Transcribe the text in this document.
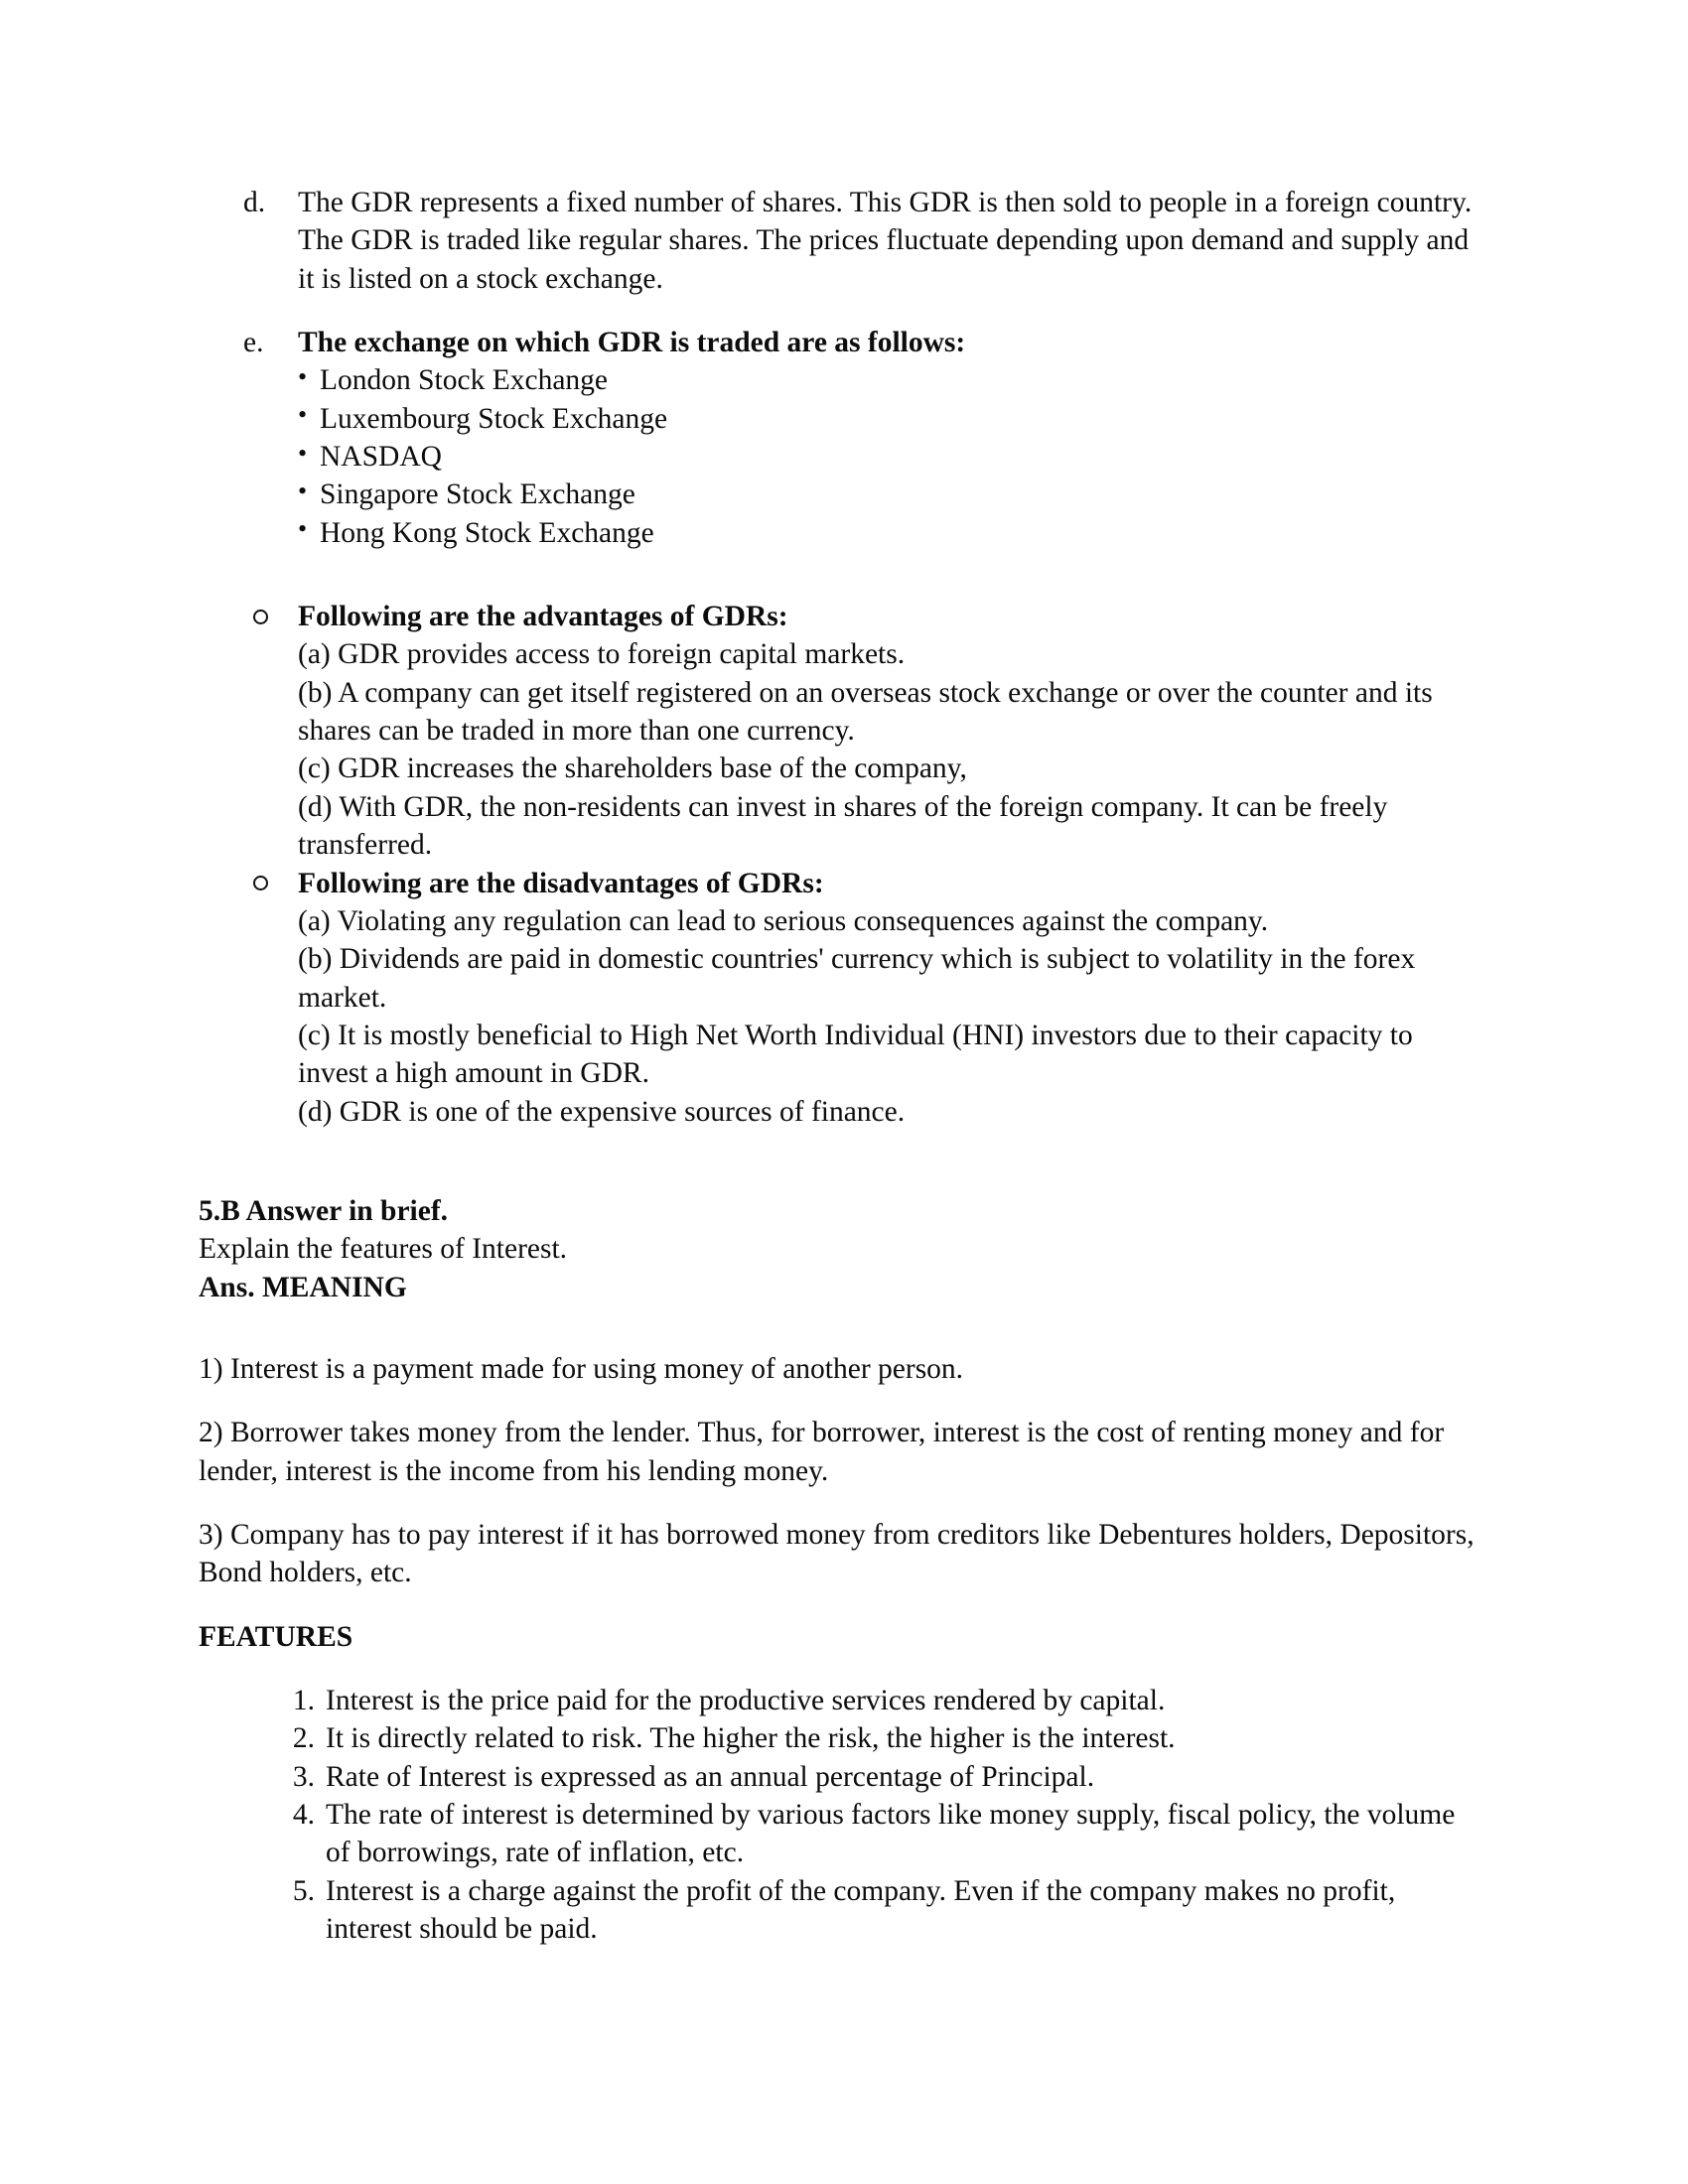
d.	The GDR represents a fixed number of shares. This GDR is then sold to people in a foreign country. The GDR is traded like regular shares. The prices fluctuate depending upon demand and supply and it is listed on a stock exchange.
e.	The exchange on which GDR is traded are as follows:
• London Stock Exchange
• Luxembourg Stock Exchange
• NASDAQ
• Singapore Stock Exchange
• Hong Kong Stock Exchange
Following are the advantages of GDRs:
(a) GDR provides access to foreign capital markets.
(b) A company can get itself registered on an overseas stock exchange or over the counter and its shares can be traded in more than one currency.
(c) GDR increases the shareholders base of the company,
(d) With GDR, the non-residents can invest in shares of the foreign company. It can be freely transferred.
Following are the disadvantages of GDRs:
(a) Violating any regulation can lead to serious consequences against the company.
(b) Dividends are paid in domestic countries' currency which is subject to volatility in the forex market.
(c) It is mostly beneficial to High Net Worth Individual (HNI) investors due to their capacity to invest a high amount in GDR.
(d) GDR is one of the expensive sources of finance.

5.B Answer in brief.

Explain the features of Interest.

Ans. MEANING

1) Interest is a payment made for using money of another person.

2) Borrower takes money from the lender. Thus, for borrower, interest is the cost of renting money and for lender, interest is the income from his lending money.

3) Company has to pay interest if it has borrowed money from creditors like Debentures holders, Depositors, Bond holders, etc.

FEATURES

1. Interest is the price paid for the productive services rendered by capital.
2. It is directly related to risk. The higher the risk, the higher is the interest.
3. Rate of Interest is expressed as an annual percentage of Principal.
4. The rate of interest is determined by various factors like money supply, fiscal policy, the volume of borrowings, rate of inflation, etc.
5. Interest is a charge against the profit of the company. Even if the company makes no profit, interest should be paid.
